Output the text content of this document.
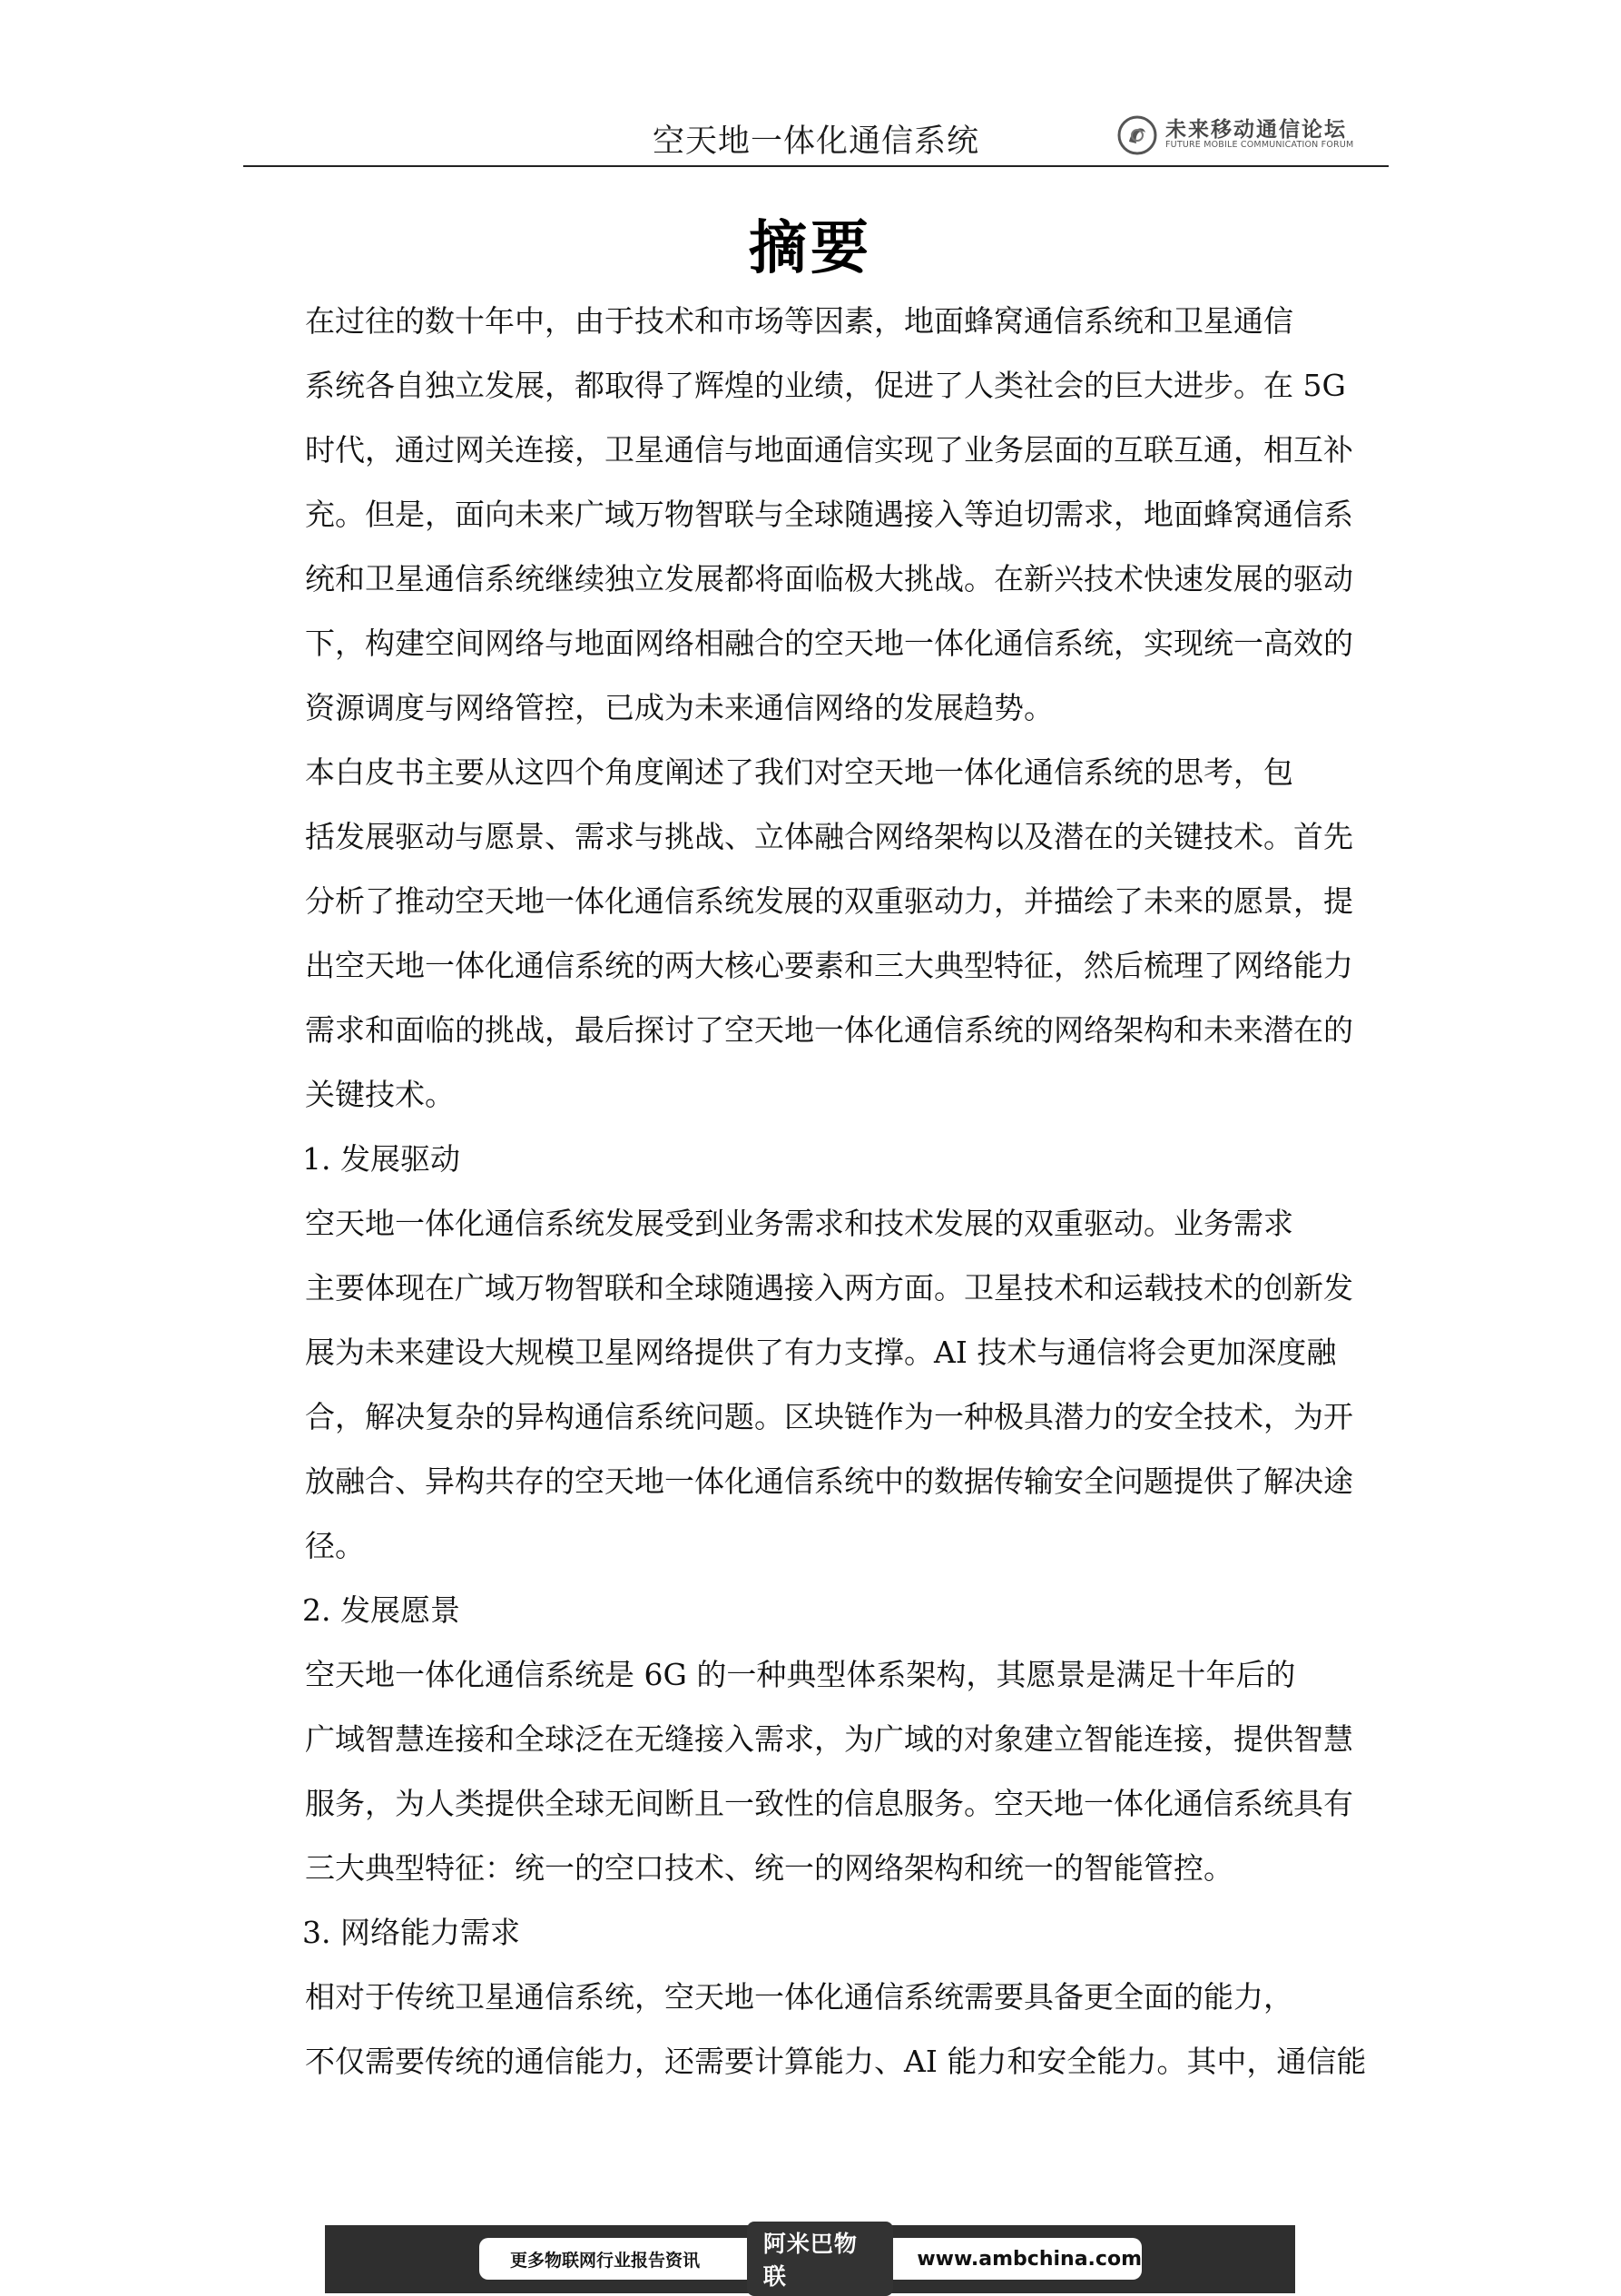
空天地一体化通信系统	未来移动通信论坛
FUTURE MOBILE COMMUNICATION FORUM
摘要

在过往的数十年中，由于技术和市场等因素，地面蜂窝通信系统和卫星通信
系统各自独立发展，都取得了辉煌的业绩，促进了人类社会的巨大进步。在 5G
时代，通过网关连接，卫星通信与地面通信实现了业务层面的互联互通，相互补
充。但是，面向未来广域万物智联与全球随遇接入等迫切需求，地面蜂窝通信系
统和卫星通信系统继续独立发展都将面临极大挑战。在新兴技术快速发展的驱动
下，构建空间网络与地面网络相融合的空天地一体化通信系统，实现统一高效的
资源调度与网络管控，已成为未来通信网络的发展趋势。

本白皮书主要从这四个角度阐述了我们对空天地一体化通信系统的思考，包
括发展驱动与愿景、需求与挑战、立体融合网络架构以及潜在的关键技术。首先
分析了推动空天地一体化通信系统发展的双重驱动力，并描绘了未来的愿景，提
出空天地一体化通信系统的两大核心要素和三大典型特征，然后梳理了网络能力
需求和面临的挑战，最后探讨了空天地一体化通信系统的网络架构和未来潜在的
关键技术。

1. 发展驱动

空天地一体化通信系统发展受到业务需求和技术发展的双重驱动。业务需求
主要体现在广域万物智联和全球随遇接入两方面。卫星技术和运载技术的创新发
展为未来建设大规模卫星网络提供了有力支撑。AI 技术与通信将会更加深度融
合，解决复杂的异构通信系统问题。区块链作为一种极具潜力的安全技术，为开
放融合、异构共存的空天地一体化通信系统中的数据传输安全问题提供了解决途
径。

2. 发展愿景

空天地一体化通信系统是 6G 的一种典型体系架构，其愿景是满足十年后的
广域智慧连接和全球泛在无缝接入需求，为广域的对象建立智能连接，提供智慧
服务，为人类提供全球无间断且一致性的信息服务。空天地一体化通信系统具有
三大典型特征：统一的空口技术、统一的网络架构和统一的智能管控。

3. 网络能力需求

相对于传统卫星通信系统，空天地一体化通信系统需要具备更全面的能力，
不仅需要传统的通信能力，还需要计算能力、AI 能力和安全能力。其中，通信能

更多物联网行业报告资讯
阿米巴物联
www.ambchina.com
